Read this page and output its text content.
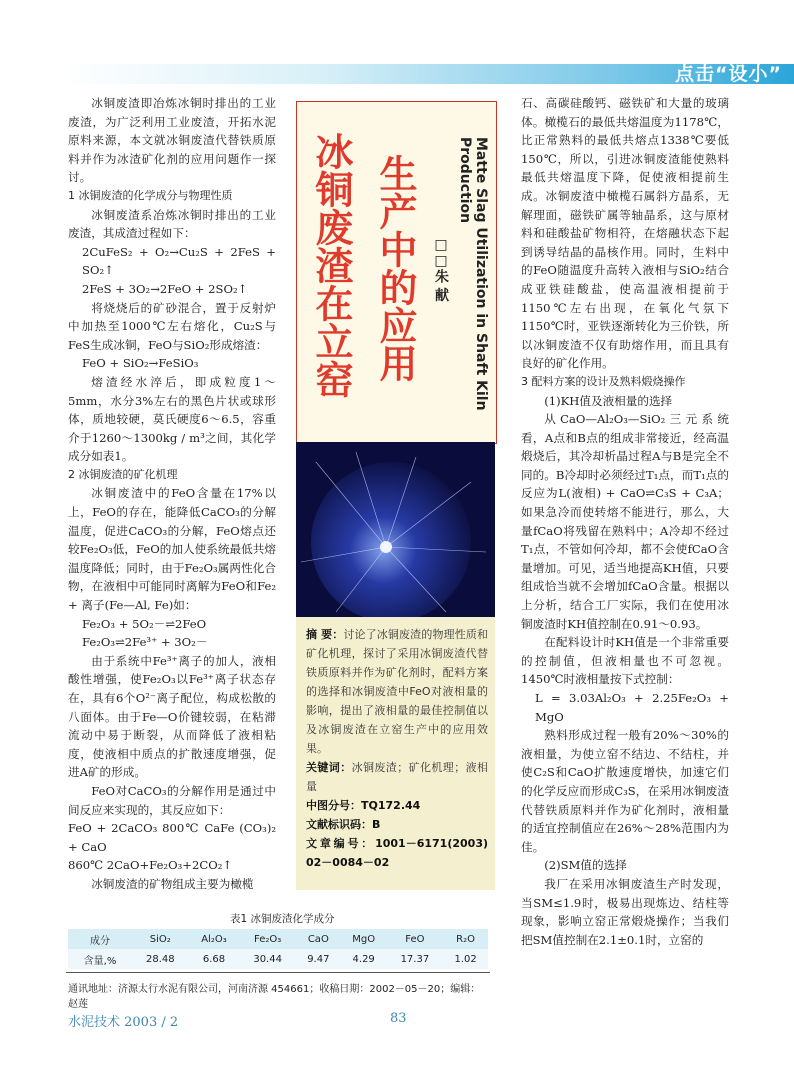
点击“设小”

冰铜废渣即冶炼冰铜时排出的工业废渣，为广泛利用工业废渣，开拓水泥原料来源，本文就冰铜废渣代替铁质原料并作为冰渣矿化剂的应用问题作一探讨。

1 冰铜废渣的化学成分与物理性质

冰铜废渣系冶炼冰铜时排出的工业废渣，其成渣过程如下：

2CuFeS₂ + O₂→Cu₂S + 2FeS + SO₂↑

2FeS + 3O₂→2FeO + 2SO₂↑

将烧烧后的矿砂混合，置于反射炉中加热至1000℃左右熔化，Cu₂S与FeS生成冰铜，FeO与SiO₂形成熔渣：

FeO + SiO₂→FeSiO₃

熔渣经水淬后，即成粒度1～5mm，水分3%左右的黑色片状或球形体，质地较硬，莫氏硬度6～6.5，容重介于1260～1300kg / m³之间，其化学成分如表1。

2 冰铜废渣的矿化机理

冰铜废渣中的FeO含量在17%以上，FeO的存在，能降低CaCO₃的分解温度，促进CaCO₃的分解，FeO熔点还较Fe₂O₃低，FeO的加人使系统最低共熔温度降低；同时，由于Fe₂O₃属两性化合物，在液相中可能同时离解为FeO和Fe₂ + 离子(Fe—Al, Fe)如：

Fe₂O₃ + 5O₂－⇌2FeO

Fe₂O₃⇌2Fe³⁺ + 3O₂－

由于系统中Fe³⁺离子的加人，液相酸性增强，使Fe₂O₃以Fe³⁺离子状态存在，具有6个O²⁻离子配位，构成松散的八面体。由于Fe—O价键较弱，在粘滞流动中易于断裂，从而降低了液相粘度，使液相中质点的扩散速度增强，促进A矿的形成。

FeO对CaCO₃的分解作用是通过中间反应来实现的，其反应如下：

FeO + 2CaCO₃ 800℃ CaFe (CO₃)₂ + CaO

860℃ 2CaO+Fe₂O₃+2CO₂↑

冰铜废渣的矿物组成主要为橄榄

冰铜废渣在立窑 生产中的应用 □□朱 献	Matte Slag Utilization in Shaft Kiln Production
摘 要：讨论了冰铜废渣的物理性质和矿化机理，探讨了采用冰铜废渣代替铁质原料并作为矿化剂时，配料方案的选择和冰铜废渣中FeO对液相量的影响，提出了液相量的最佳控制值以及冰铜废渣在立窑生产中的应用效果。
关键词：冰铜废渣；矿化机理；液相量
中图分号：TQ172.44
文献标识码：B
文章编号：1001－6171(2003) 02－0084－02

石、高碳硅酸钙、磁铁矿和大量的玻璃体。橄榄石的最低共熔温度为1178℃，比正常熟料的最低共熔点1338℃要低150℃，所以，引进冰铜废渣能使熟料最低共熔温度下降，促使液相提前生成。冰铜废渣中橄榄石属斜方晶系，无解理面，磁铁矿属等轴晶系，这与原材料和硅酸盐矿物相符，在熔融状态下起到诱导结晶的晶核作用。同时，生料中的FeO随温度升高转入液相与SiO₂结合成亚铁硅酸盐，使高温液相提前于1150℃左右出现，在氧化气氛下1150℃时，亚铁逐渐转化为三价铁，所以冰铜废渣不仅有助熔作用，而且具有良好的矿化作用。

3 配料方案的设计及熟料煅烧操作

(1)KH值及液相量的选择

从CaO—Al₂O₃—SiO₂三元系统看，A点和B点的组成非常接近，经高温煅烧后，其冷却析晶过程A与B是完全不同的。B冷却时必须经过T₁点，而T₁点的反应为L(液相) + CaO⇌C₃S + C₃A；如果急冷而使转熔不能进行，那么，大量fCaO将残留在熟料中；A冷却不经过T₁点，不管如何冷却，都不会使fCaO含量增加。可见，适当地提高KH值，只要组成恰当就不会增加fCaO含量。根据以上分析，结合工厂实际，我们在使用冰铜废渣时KH值控制在0.91～0.93。

在配料设计时KH值是一个非常重要的控制值，但液相量也不可忽视。1450℃时液相量按下式控制：

L = 3.03Al₂O₃ + 2.25Fe₂O₃ + MgO

熟料形成过程一般有20%～30%的液相量，为使立窑不结边、不结柱，并使C₂S和CaO扩散速度增快，加速它们的化学反应而形成C₃S，在采用冰铜废渣代替铁质原料并作为矿化剂时，液相量的适宜控制值应在26%～28%范围内为佳。

(2)SM值的选择

我厂在采用冰铜废渣生产时发现，当SM≤1.9时，极易出现炼边、结柱等现象，影响立窑正常煅烧操作；当我们把SM值控制在2.1±0.1时，立窑的

表1 冰铜废渣化学成分
成分	SiO₂	Al₂O₃	Fe₂O₃	CaO	MgO	FeO	R₂O
含量,%	28.48	6.68	30.44	9.47	4.29	17.37	1.02
通讯地址：济源太行水泥有限公司，河南济源 454661；收稿日期：2002－05－20；编辑：赵莲
水泥技术 2003 / 2	83
